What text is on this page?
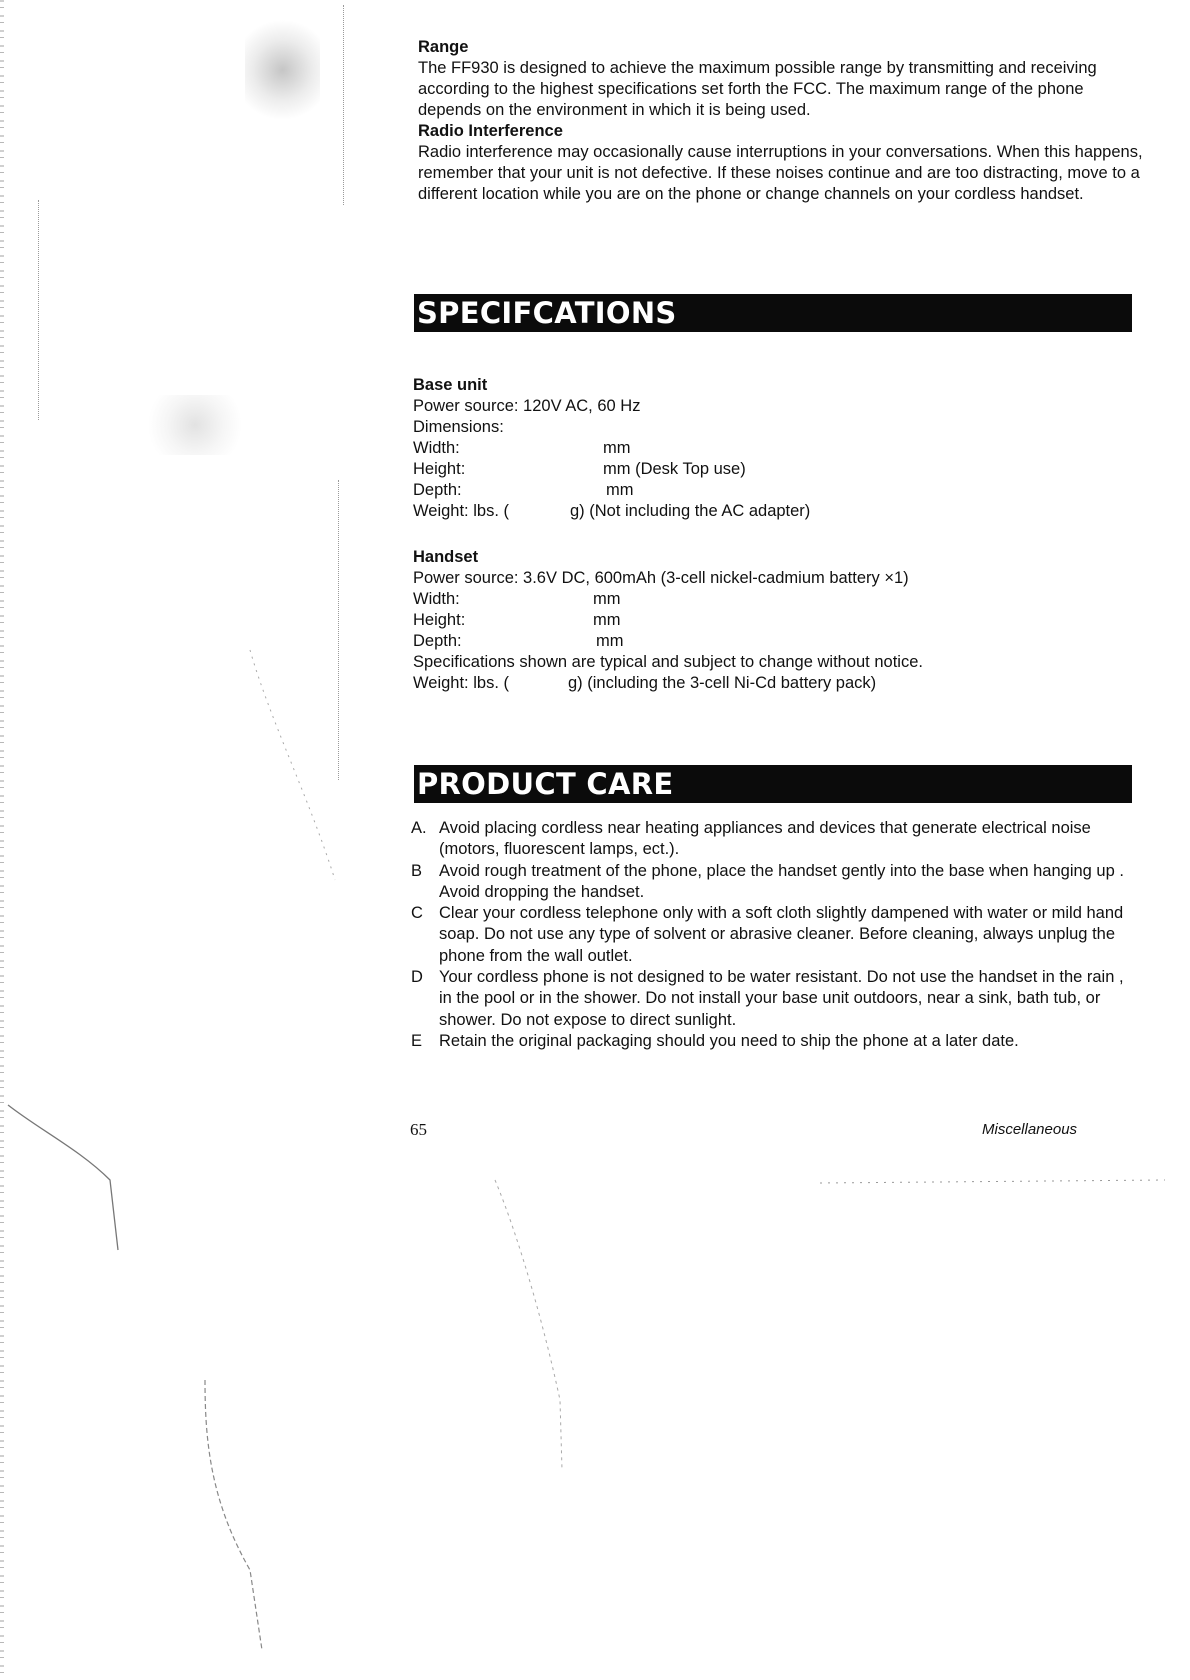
Range

The FF930 is designed to achieve the maximum possible range by transmitting and receiving according to the highest specifications set forth the FCC. The maximum range of the phone depends on the environment in which it is being used.

Radio Interference

Radio interference may occasionally cause interruptions in your conversations. When this happens, remember that your unit is not defective. If these noises continue and are too distracting, move to a different location while you are on the phone or change channels on your cordless handset.

SPECIFCATIONS
Base unit
Power source: 120V AC, 60 Hz
Dimensions:
Width:	mm
Height:	mm (Desk Top use)
Depth:	mm
Weight: lbs. (	g) (Not including the AC adapter)
Handset
Power source: 3.6V DC, 600mAh (3-cell nickel-cadmium battery ×1)
Width:	mm
Height:	mm
Depth:	mm
Specifications shown are typical and subject to change without notice.
Weight: lbs. (	g) (including the 3-cell Ni-Cd battery pack)
PRODUCT CARE
A. Avoid placing cordless near heating appliances and devices that generate electrical noise (motors, fluorescent lamps, ect.).
B Avoid rough treatment of the phone, place the handset gently into the base when hanging up . Avoid dropping the handset.
C Clear your cordless telephone only with a soft cloth slightly dampened with water or mild hand soap. Do not use any type of solvent or abrasive cleaner. Before cleaning, always unplug the phone from the wall outlet.
D Your cordless phone is not designed to be water resistant. Do not use the handset in the rain , in the pool or in the shower. Do not install your base unit outdoors, near a sink, bath tub, or shower. Do not expose to direct sunlight.
E Retain the original packaging should you need to ship the phone at a later date.
65	Miscellaneous
